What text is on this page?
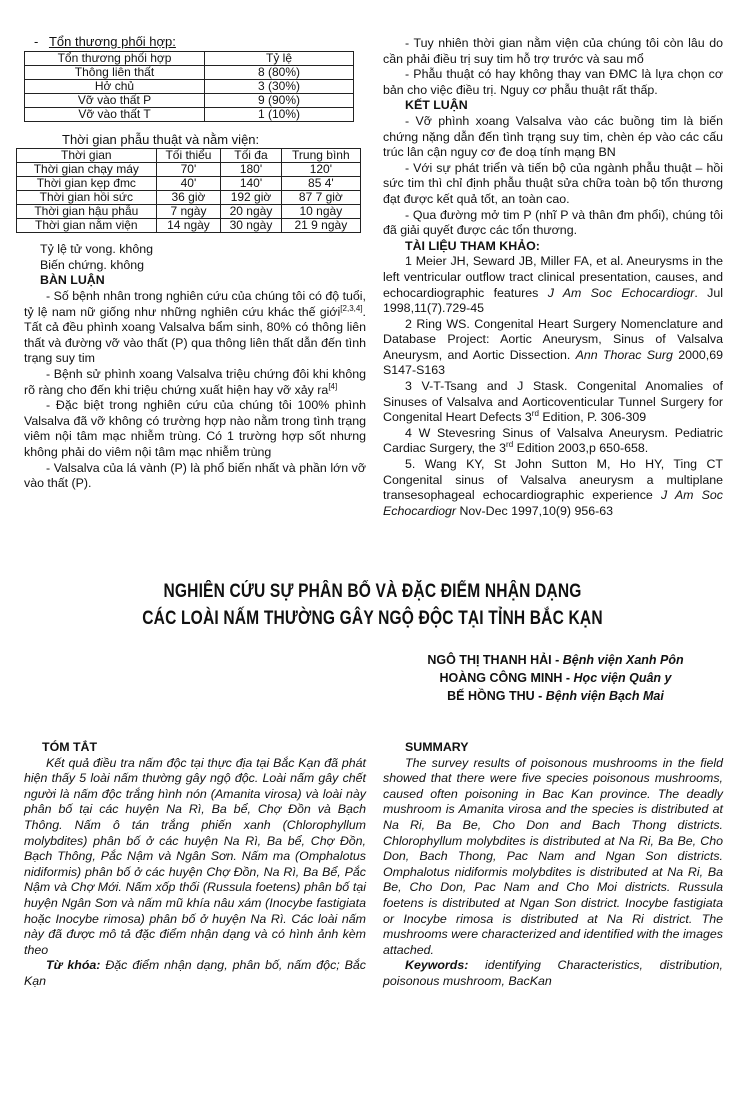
- Tổn thương phối hợp:
Tổn thương phối hợp	Tỷ lệ
Thông liên thất	8 (80%)
Hở chủ	3 (30%)
Vỡ vào thất P	9 (90%)
Vỡ vào thất T	1 (10%)
Thời gian phẫu thuật và nằm viện:
Thời gian	Tối thiểu	Tối đa	Trung bình
Thời gian chạy máy	70'	180'	120'
Thời gian kẹp đmc	40'	140'	85 4'
Thời gian hồi sức	36 giờ	192 giờ	87 7 giờ
Thời gian hậu phẫu	7 ngày	20 ngày	10 ngày
Thời gian nằm viện	14 ngày	30 ngày	21 9 ngày

Tỷ lệ tử vong. không

Biến chứng. không

BÀN LUẬN

- Số bệnh nhân trong nghiên cứu của chúng tôi có độ tuổi, tỷ lệ nam nữ giống như những nghiên cứu khác thế giới[2,3,4]. Tất cả đều phình xoang Valsalva bẩm sinh, 80% có thông liên thất và đường vỡ vào thất (P) qua thông liên thất dẫn đến tình trạng suy tim

- Bệnh sử phình xoang Valsalva triệu chứng đôi khi không rõ ràng cho đến khi triệu chứng xuất hiện hay vỡ xảy ra[4]

- Đặc biệt trong nghiên cứu của chúng tôi 100% phình Valsalva đã vỡ không có trường hợp nào nằm trong tình trạng viêm nội tâm mạc nhiễm trùng. Có 1 trường hợp sốt nhưng không phải do viêm nội tâm mạc nhiễm trùng

- Valsalva của lá vành (P) là phổ biến nhất và phần lớn vỡ vào thất (P).

- Tuy nhiên thời gian nằm viện của chúng tôi còn lâu do cần phải điều trị suy tim hỗ trợ trước và sau mổ

- Phẫu thuật có hay không thay van ĐMC là lựa chọn cơ bản cho việc điều trị. Nguy cơ phẫu thuật rất thấp.

KẾT LUẬN

- Vỡ phình xoang Valsalva vào các buồng tim là biến chứng nặng dẫn đến tình trạng suy tim, chèn ép vào các cấu trúc lân cận nguy cơ đe doạ tính mạng BN

- Với sự phát triển và tiến bộ của ngành phẫu thuật – hồi sức tim thì chỉ định phẫu thuật sửa chữa toàn bộ tổn thương đạt được kết quả tốt, an toàn cao.

- Qua đường mở tim P (nhĩ P và thân đm phổi), chúng tôi đã giải quyết được các tổn thương.

TÀI LIỆU THAM KHẢO:

1 Meier JH, Seward JB, Miller FA, et al. Aneurysms in the left ventricular outflow tract clinical presentation, causes, and echocardiographic features J Am Soc Echocardiogr. Jul 1998,11(7).729-45

2 Ring WS. Congenital Heart Surgery Nomenclature and Database Project: Aortic Aneurysm, Sinus of Valsalva Aneurysm, and Aortic Dissection. Ann Thorac Surg 2000,69 S147-S163

3 V-T-Tsang and J Stask. Congenital Anomalies of Sinuses of Valsalva and Aorticoventicular Tunnel Surgery for Congenital Heart Defects 3rd Edition, P. 306-309

4 W Stevesring Sinus of Valsalva Aneurysm. Pediatric Cardiac Surgery, the 3rd Edition 2003,p 650-658.

5. Wang KY, St John Sutton M, Ho HY, Ting CT Congenital sinus of Valsalva aneurysm a multiplane transesophageal echocardiographic experience J Am Soc Echocardiogr Nov-Dec 1997,10(9) 956-63

NGHIÊN CỨU SỰ PHÂN BỐ VÀ ĐẶC ĐIỂM NHẬN DẠNG
CÁC LOÀI NẤM THƯỜNG GÂY NGỘ ĐỘC TẠI TỈNH BẮC KẠN
NGÔ THỊ THANH HẢI - Bệnh viện Xanh Pôn
HOÀNG CÔNG MINH - Học viện Quân y
BẾ HỒNG THU - Bệnh viện Bạch Mai

TÓM TẮT

Kết quả điều tra nấm độc tại thực địa tại Bắc Kạn đã phát hiện thấy 5 loài nấm thường gây ngộ độc. Loài nấm gây chết người là nấm độc trắng hình nón (Amanita virosa) và loài này phân bố tại các huyện Na Rì, Ba bể, Chợ Đồn và Bạch Thông. Nấm ô tán trắng phiến xanh (Chlorophyllum molybdites) phân bố ở các huyện Na Rì, Ba bể, Chợ Đồn, Bạch Thông, Pắc Nậm và Ngân Sơn. Nấm ma (Omphalotus nidiformis) phân bố ở các huyện Chợ Đồn, Na Rì, Ba Bể, Pắc Nậm và Chợ Mới. Nấm xốp thối (Russula foetens) phân bố tại huyện Ngân Sơn và nấm mũ khía nâu xám (Inocybe fastigiata hoặc Inocybe rimosa) phân bố ở huyện Na Rì. Các loài nấm này đã được mô tả đặc điểm nhận dạng và có hình ảnh kèm theo

Từ khóa: Đặc điểm nhận dạng, phân bố, nấm độc; Bắc Kạn

SUMMARY

The survey results of poisonous mushrooms in the field showed that there were five species poisonous mushrooms, caused often poisoning in Bac Kan province. The deadly mushroom is Amanita virosa and the species is distributed at Na Ri, Ba Be, Cho Don and Bach Thong districts. Chlorophyllum molybdites is distributed at Na Ri, Ba Be, Cho Don, Bach Thong, Pac Nam and Ngan Son districts. Omphalotus nidiformis molybdites is distributed at Na Ri, Ba Be, Cho Don, Pac Nam and Cho Moi districts. Russula foetens is distributed at Ngan Son district. Inocybe fastigiata or Inocybe rimosa is distributed at Na Ri district. The mushrooms were characterized and identified with the images attached.

Keywords: identifying Characteristics, distribution, poisonous mushroom, BacKan
